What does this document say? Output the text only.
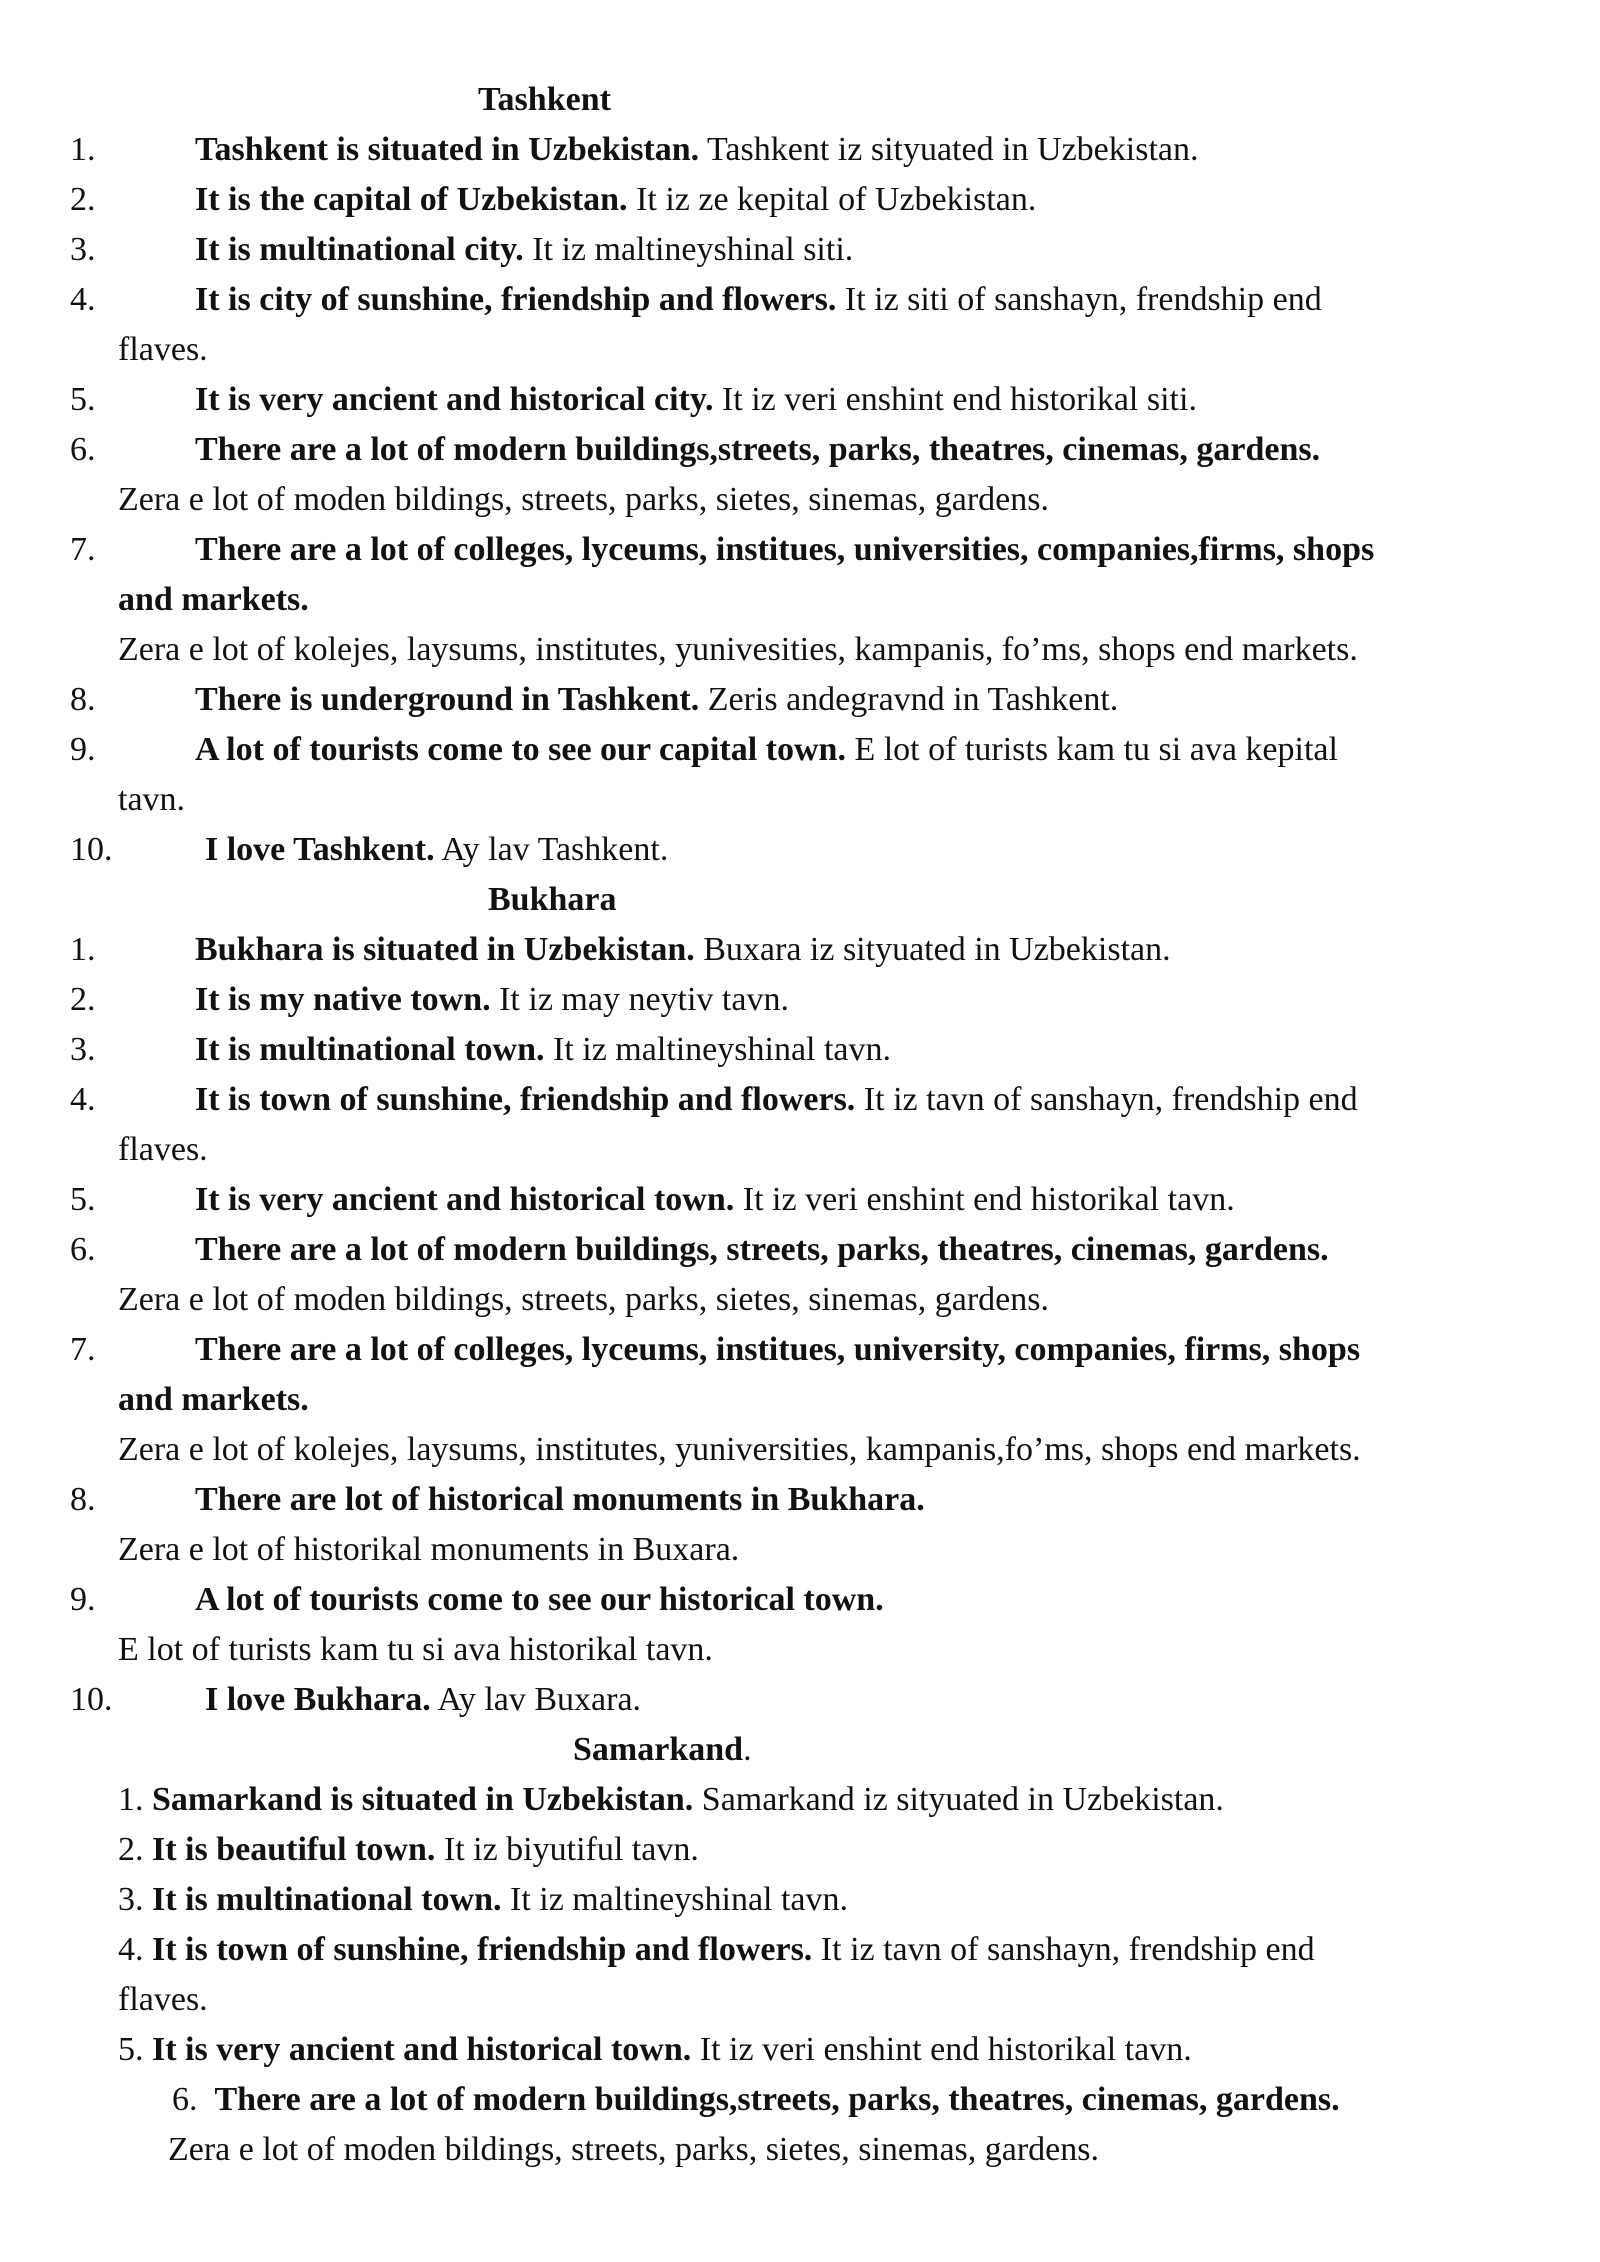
Tashkent
1.	Tashkent is situated in Uzbekistan. Tashkent iz sityuated in Uzbekistan.
2.	It is the capital of Uzbekistan. It iz ze kepital of Uzbekistan.
3.	It is multinational city. It iz maltineyshinal siti.
4.	It is city of sunshine, friendship and flowers. It iz siti of sanshayn, frendship end
flaves.
5.	It is very ancient and historical city. It iz veri enshint end historikal siti.
6.	There are a lot of modern buildings,streets, parks, theatres, cinemas, gardens.
Zera e lot of moden bildings, streets, parks, sietes, sinemas, gardens.
7.	There are a lot of colleges, lyceums, institues, universities, companies,firms, shops
and markets.
Zera e lot of kolejes, laysums, institutes, yunivesities, kampanis, fo’ms, shops end markets.
8.	There is underground in Tashkent. Zeris andegravnd in Tashkent.
9.	A lot of tourists come to see our capital town. E lot of turists kam tu si ava kepital
tavn.
10.	I love Tashkent. Ay lav Tashkent.
Bukhara
1.	Bukhara is situated in Uzbekistan. Buxara iz sityuated in Uzbekistan.
2.	It is my native town. It iz may neytiv tavn.
3.	It is multinational town. It iz maltineyshinal tavn.
4.	It is town of sunshine, friendship and flowers. It iz tavn of sanshayn, frendship end
flaves.
5.	It is very ancient and historical town. It iz veri enshint end historikal tavn.
6.	There are a lot of modern buildings, streets, parks, theatres, cinemas, gardens.
Zera e lot of moden bildings, streets, parks, sietes, sinemas, gardens.
7.	There are a lot of colleges, lyceums, institues, university, companies, firms, shops
and markets.
Zera e lot of kolejes, laysums, institutes, yuniversities, kampanis,fo’ms, shops end markets.
8.	There are lot of historical monuments in Bukhara.
Zera e lot of historikal monuments in Buxara.
9.	A lot of tourists come to see our historical town.
E lot of turists kam tu si ava historikal tavn.
10.	I love Bukhara. Ay lav Buxara.
Samarkand.
1. Samarkand is situated in Uzbekistan. Samarkand iz sityuated in Uzbekistan.
2. It is beautiful town. It iz biyutiful tavn.
3. It is multinational town. It iz maltineyshinal tavn.
4. It is town of sunshine, friendship and flowers. It iz tavn of sanshayn, frendship end
flaves.
5. It is very ancient and historical town. It iz veri enshint end historikal tavn.
6. There are a lot of modern buildings,streets, parks, theatres, cinemas, gardens.
Zera e lot of moden bildings, streets, parks, sietes, sinemas, gardens.
